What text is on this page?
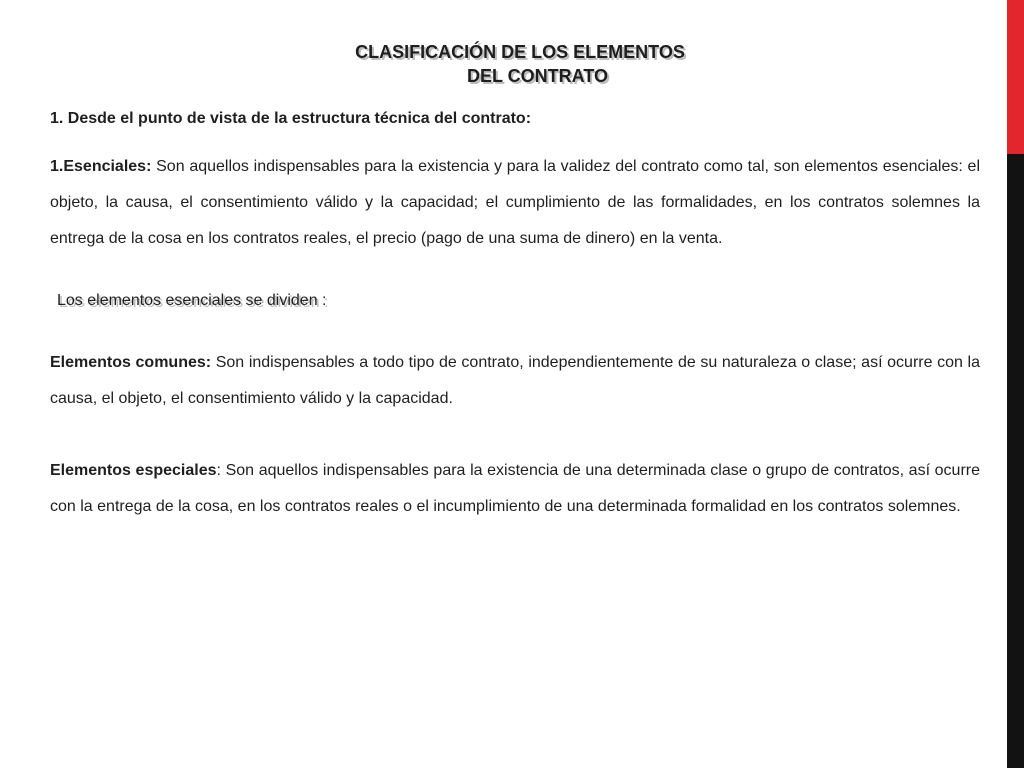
CLASIFICACIÓN DE LOS ELEMENTOS
DEL CONTRATO
1. Desde el punto de vista de la estructura técnica del contrato:

1.Esenciales: Son aquellos indispensables para la existencia y para la validez del contrato como tal, son elementos esenciales: el objeto, la causa, el consentimiento válido y la capacidad; el cumplimiento de las formalidades, en los contratos solemnes la entrega de la cosa en los contratos reales, el precio (pago de una suma de dinero) en la venta.

Los elementos esenciales se dividen :

Elementos comunes: Son indispensables a todo tipo de contrato, independientemente de su naturaleza o clase; así ocurre con la causa, el objeto, el consentimiento válido y la capacidad.

Elementos especiales: Son aquellos indispensables para la existencia de una determinada clase o grupo de contratos, así ocurre con la entrega de la cosa, en los contratos reales o el incumplimiento de una determinada formalidad en los contratos solemnes.
